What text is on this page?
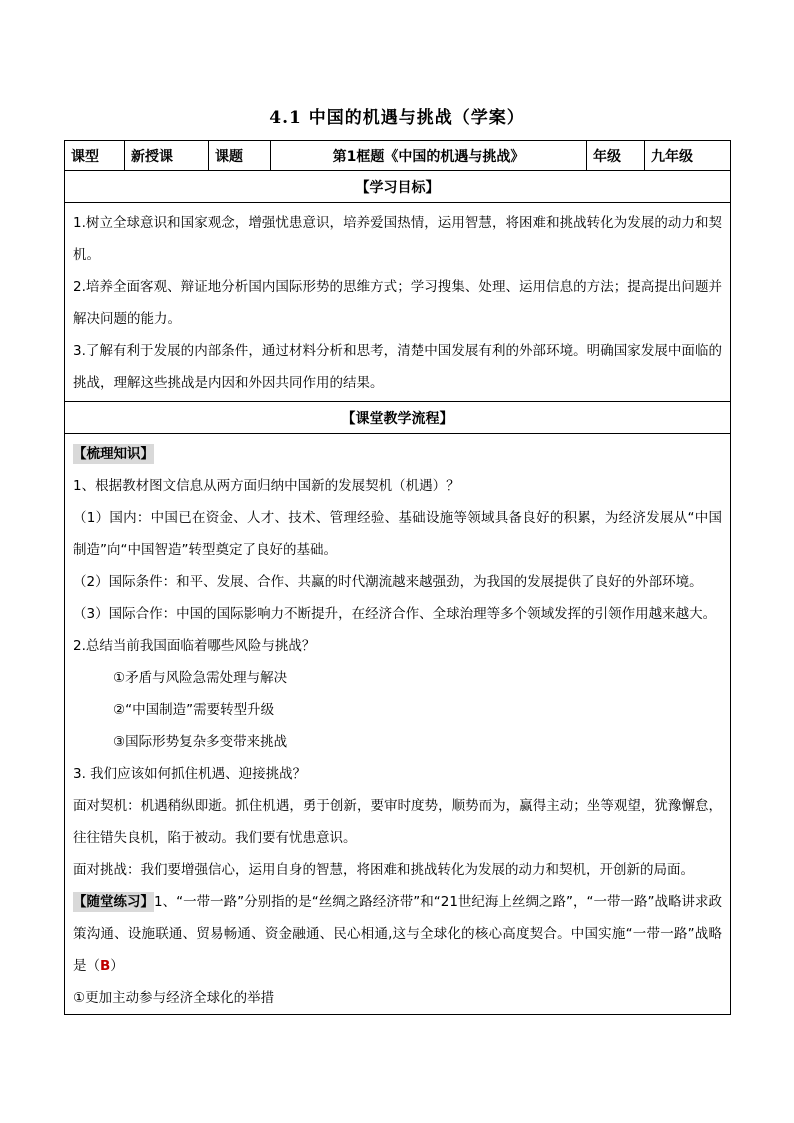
4.1 中国的机遇与挑战（学案）
课型	新授课	课题	第1框题《中国的机遇与挑战》	年级	九年级
【学习目标】

1.树立全球意识和国家观念，增强忧患意识，培养爱国热情，运用智慧，将困难和挑战转化为发展的动力和契机。

2.培养全面客观、辩证地分析国内国际形势的思维方式；学习搜集、处理、运用信息的方法；提高提出问题并解决问题的能力。

3.了解有利于发展的内部条件，通过材料分析和思考，清楚中国发展有利的外部环境。明确国家发展中面临的挑战，理解这些挑战是内因和外因共同作用的结果。

【课堂教学流程】

【梳理知识】

1、根据教材图文信息从两方面归纳中国新的发展契机（机遇）？

（1）国内：中国已在资金、人才、技术、管理经验、基础设施等领域具备良好的积累，为经济发展从“中国制造”向“中国智造”转型奠定了良好的基础。

（2）国际条件：和平、发展、合作、共赢的时代潮流越来越强劲，为我国的发展提供了良好的外部环境。

（3）国际合作：中国的国际影响力不断提升，在经济合作、全球治理等多个领域发挥的引领作用越来越大。

2.总结当前我国面临着哪些风险与挑战？

①矛盾与风险急需处理与解决

②“中国制造”需要转型升级

③国际形势复杂多变带来挑战

3. 我们应该如何抓住机遇、迎接挑战？

面对契机：机遇稍纵即逝。抓住机遇，勇于创新，要审时度势，顺势而为，赢得主动；坐等观望，犹豫懈怠，往往错失良机，陷于被动。我们要有忧患意识。

面对挑战：我们要增强信心，运用自身的智慧，将困难和挑战转化为发展的动力和契机，开创新的局面。

【随堂练习】1、“一带一路”分别指的是“丝绸之路经济带”和“21世纪海上丝绸之路”，“一带一路”战略讲求政策沟通、设施联通、贸易畅通、资金融通、民心相通,这与全球化的核心高度契合。中国实施“一带一路”战略是（B）

①更加主动参与经济全球化的举措
